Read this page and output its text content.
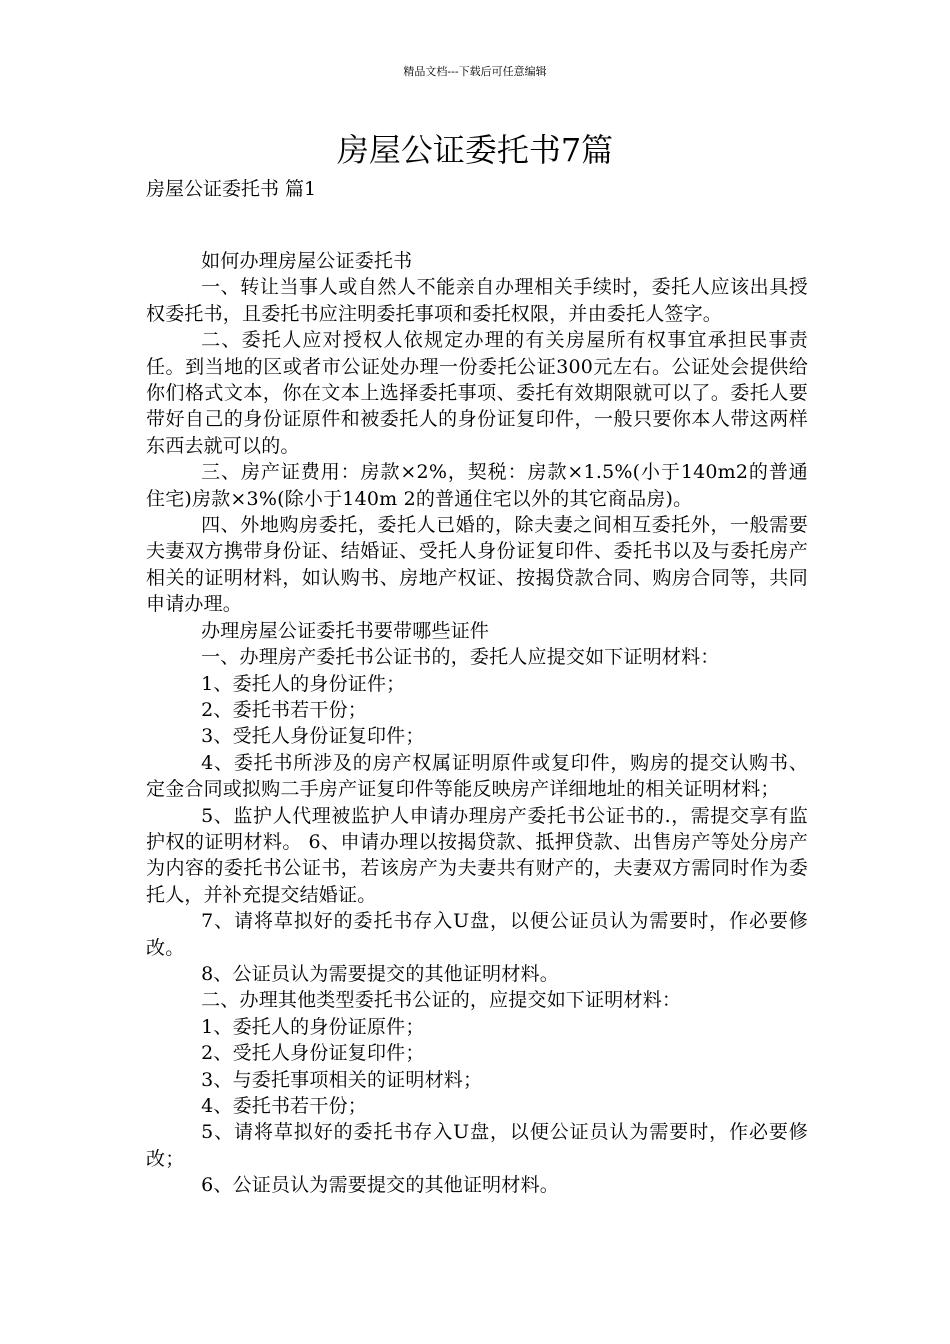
精品文档---下载后可任意编辑
房屋公证委托书7篇
房屋公证委托书 篇1

如何办理房屋公证委托书

一、转让当事人或自然人不能亲自办理相关手续时，委托人应该出具授权委托书，且委托书应注明委托事项和委托权限，并由委托人签字。

二、委托人应对授权人依规定办理的有关房屋所有权事宜承担民事责任。到当地的区或者市公证处办理一份委托公证300元左右。公证处会提供给你们格式文本，你在文本上选择委托事项、委托有效期限就可以了。委托人要带好自己的身份证原件和被委托人的身份证复印件，一般只要你本人带这两样东西去就可以的。

三、房产证费用：房款×2%，契税：房款×1.5%(小于140m2的普通住宅)房款×3%(除小于140m 2的普通住宅以外的其它商品房)。

四、外地购房委托，委托人已婚的，除夫妻之间相互委托外，一般需要夫妻双方携带身份证、结婚证、受托人身份证复印件、委托书以及与委托房产相关的证明材料，如认购书、房地产权证、按揭贷款合同、购房合同等，共同申请办理。

办理房屋公证委托书要带哪些证件

一、办理房产委托书公证书的，委托人应提交如下证明材料：

1、委托人的身份证件；

2、委托书若干份；

3、受托人身份证复印件；

4、委托书所涉及的房产权属证明原件或复印件，购房的提交认购书、定金合同或拟购二手房产证复印件等能反映房产详细地址的相关证明材料；

5、监护人代理被监护人申请办理房产委托书公证书的.，需提交享有监护权的证明材料。 6、申请办理以按揭贷款、抵押贷款、出售房产等处分房产为内容的委托书公证书，若该房产为夫妻共有财产的，夫妻双方需同时作为委托人，并补充提交结婚证。

7、请将草拟好的委托书存入U盘，以便公证员认为需要时，作必要修改。

8、公证员认为需要提交的其他证明材料。

二、办理其他类型委托书公证的，应提交如下证明材料：

1、委托人的身份证原件；

2、受托人身份证复印件；

3、与委托事项相关的证明材料；

4、委托书若干份；

5、请将草拟好的委托书存入U盘，以便公证员认为需要时，作必要修改；

6、公证员认为需要提交的其他证明材料。
